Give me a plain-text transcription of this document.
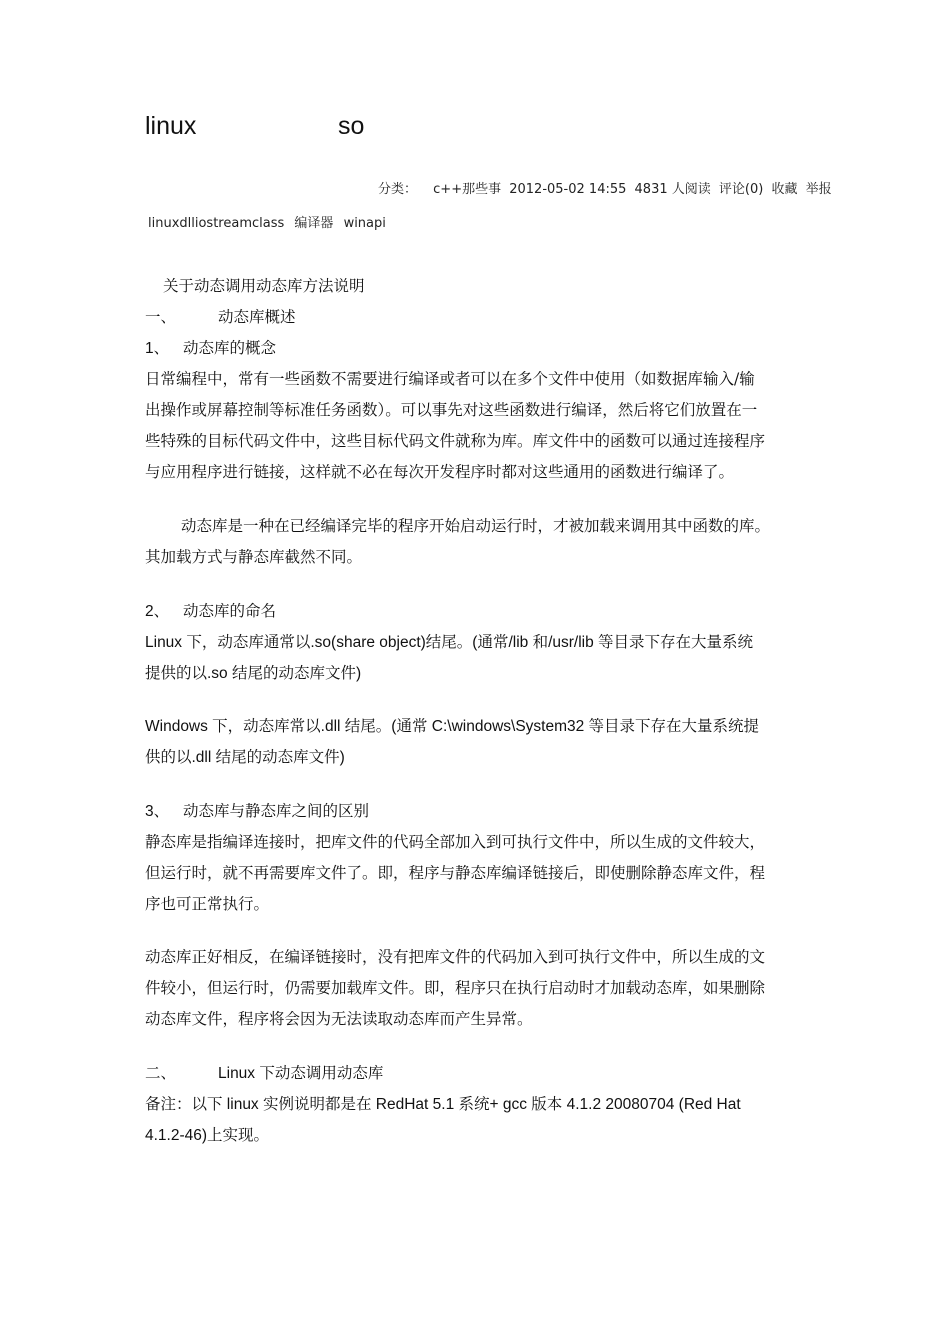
linux	so
分类： c++那些事 2012-05-02 14:55 4831 人阅读 评论(0) 收藏 举报
linuxdlliostreamclass 编译器 winapi
关于动态调用动态库方法说明
一、	动态库概述
1、 动态库的概念
日常编程中，常有一些函数不需要进行编译或者可以在多个文件中使用（如数据库输入/输
出操作或屏幕控制等标准任务函数）。可以事先对这些函数进行编译，然后将它们放置在一
些特殊的目标代码文件中，这些目标代码文件就称为库。库文件中的函数可以通过连接程序
与应用程序进行链接，这样就不必在每次开发程序时都对这些通用的函数进行编译了。
动态库是一种在已经编译完毕的程序开始启动运行时，才被加载来调用其中函数的库。
其加载方式与静态库截然不同。
2、 动态库的命名
Linux 下，动态库通常以.so(share object)结尾。(通常/lib 和/usr/lib 等目录下存在大量系统
提供的以.so 结尾的动态库文件)
Windows 下，动态库常以.dll 结尾。(通常 C:\windows\System32 等目录下存在大量系统提
供的以.dll 结尾的动态库文件)
3、 动态库与静态库之间的区别
静态库是指编译连接时，把库文件的代码全部加入到可执行文件中，所以生成的文件较大，
但运行时，就不再需要库文件了。即，程序与静态库编译链接后，即使删除静态库文件，程
序也可正常执行。
动态库正好相反，在编译链接时，没有把库文件的代码加入到可执行文件中，所以生成的文
件较小，但运行时，仍需要加载库文件。即，程序只在执行启动时才加载动态库，如果删除
动态库文件，程序将会因为无法读取动态库而产生异常。
二、	Linux 下动态调用动态库
备注：以下 linux 实例说明都是在 RedHat 5.1 系统+ gcc 版本 4.1.2 20080704 (Red Hat
4.1.2-46)上实现。
